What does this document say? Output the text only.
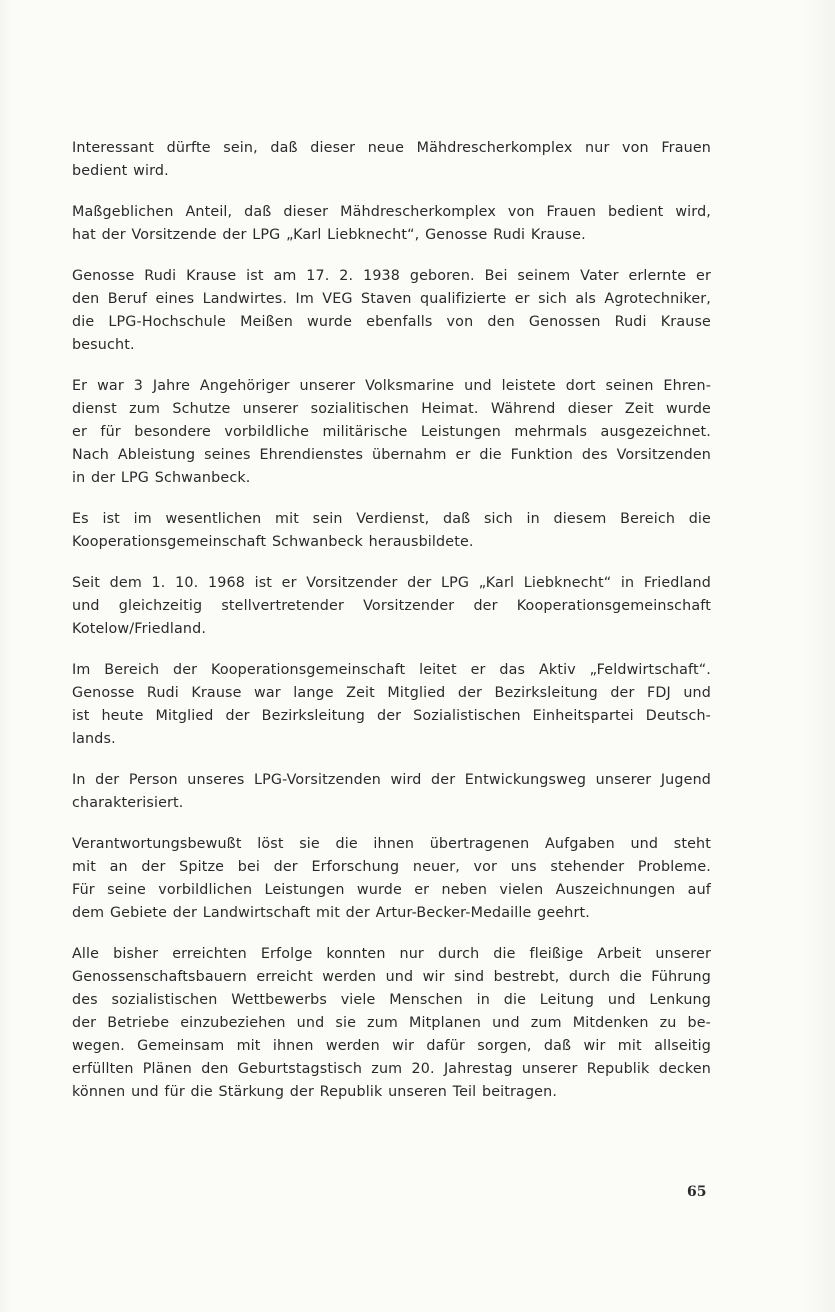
Interessant dürfte sein, daß dieser neue Mähdrescherkomplex nur von Frauen
bedient wird.
Maßgeblichen Anteil, daß dieser Mähdrescherkomplex von Frauen bedient wird,
hat der Vorsitzende der LPG „Karl Liebknecht“, Genosse Rudi Krause.
Genosse Rudi Krause ist am 17. 2. 1938 geboren. Bei seinem Vater erlernte er
den Beruf eines Landwirtes. Im VEG Staven qualifizierte er sich als Agrotechniker,
die LPG-Hochschule Meißen wurde ebenfalls von den Genossen Rudi Krause
besucht.
Er war 3 Jahre Angehöriger unserer Volksmarine und leistete dort seinen Ehren-
dienst zum Schutze unserer sozialitischen Heimat. Während dieser Zeit wurde
er für besondere vorbildliche militärische Leistungen mehrmals ausgezeichnet.
Nach Ableistung seines Ehrendienstes übernahm er die Funktion des Vorsitzenden
in der LPG Schwanbeck.
Es ist im wesentlichen mit sein Verdienst, daß sich in diesem Bereich die
Kooperationsgemeinschaft Schwanbeck herausbildete.
Seit dem 1. 10. 1968 ist er Vorsitzender der LPG „Karl Liebknecht“ in Friedland
und gleichzeitig stellvertretender Vorsitzender der Kooperationsgemeinschaft
Kotelow/Friedland.
Im Bereich der Kooperationsgemeinschaft leitet er das Aktiv „Feldwirtschaft“.
Genosse Rudi Krause war lange Zeit Mitglied der Bezirksleitung der FDJ und
ist heute Mitglied der Bezirksleitung der Sozialistischen Einheitspartei Deutsch-
lands.
In der Person unseres LPG-Vorsitzenden wird der Entwickungsweg unserer Jugend
charakterisiert.
Verantwortungsbewußt löst sie die ihnen übertragenen Aufgaben und steht
mit an der Spitze bei der Erforschung neuer, vor uns stehender Probleme.
Für seine vorbildlichen Leistungen wurde er neben vielen Auszeichnungen auf
dem Gebiete der Landwirtschaft mit der Artur-Becker-Medaille geehrt.
Alle bisher erreichten Erfolge konnten nur durch die fleißige Arbeit unserer
Genossenschaftsbauern erreicht werden und wir sind bestrebt, durch die Führung
des sozialistischen Wettbewerbs viele Menschen in die Leitung und Lenkung
der Betriebe einzubeziehen und sie zum Mitplanen und zum Mitdenken zu be-
wegen. Gemeinsam mit ihnen werden wir dafür sorgen, daß wir mit allseitig
erfüllten Plänen den Geburtstagstisch zum 20. Jahrestag unserer Republik decken
können und für die Stärkung der Republik unseren Teil beitragen.
65
